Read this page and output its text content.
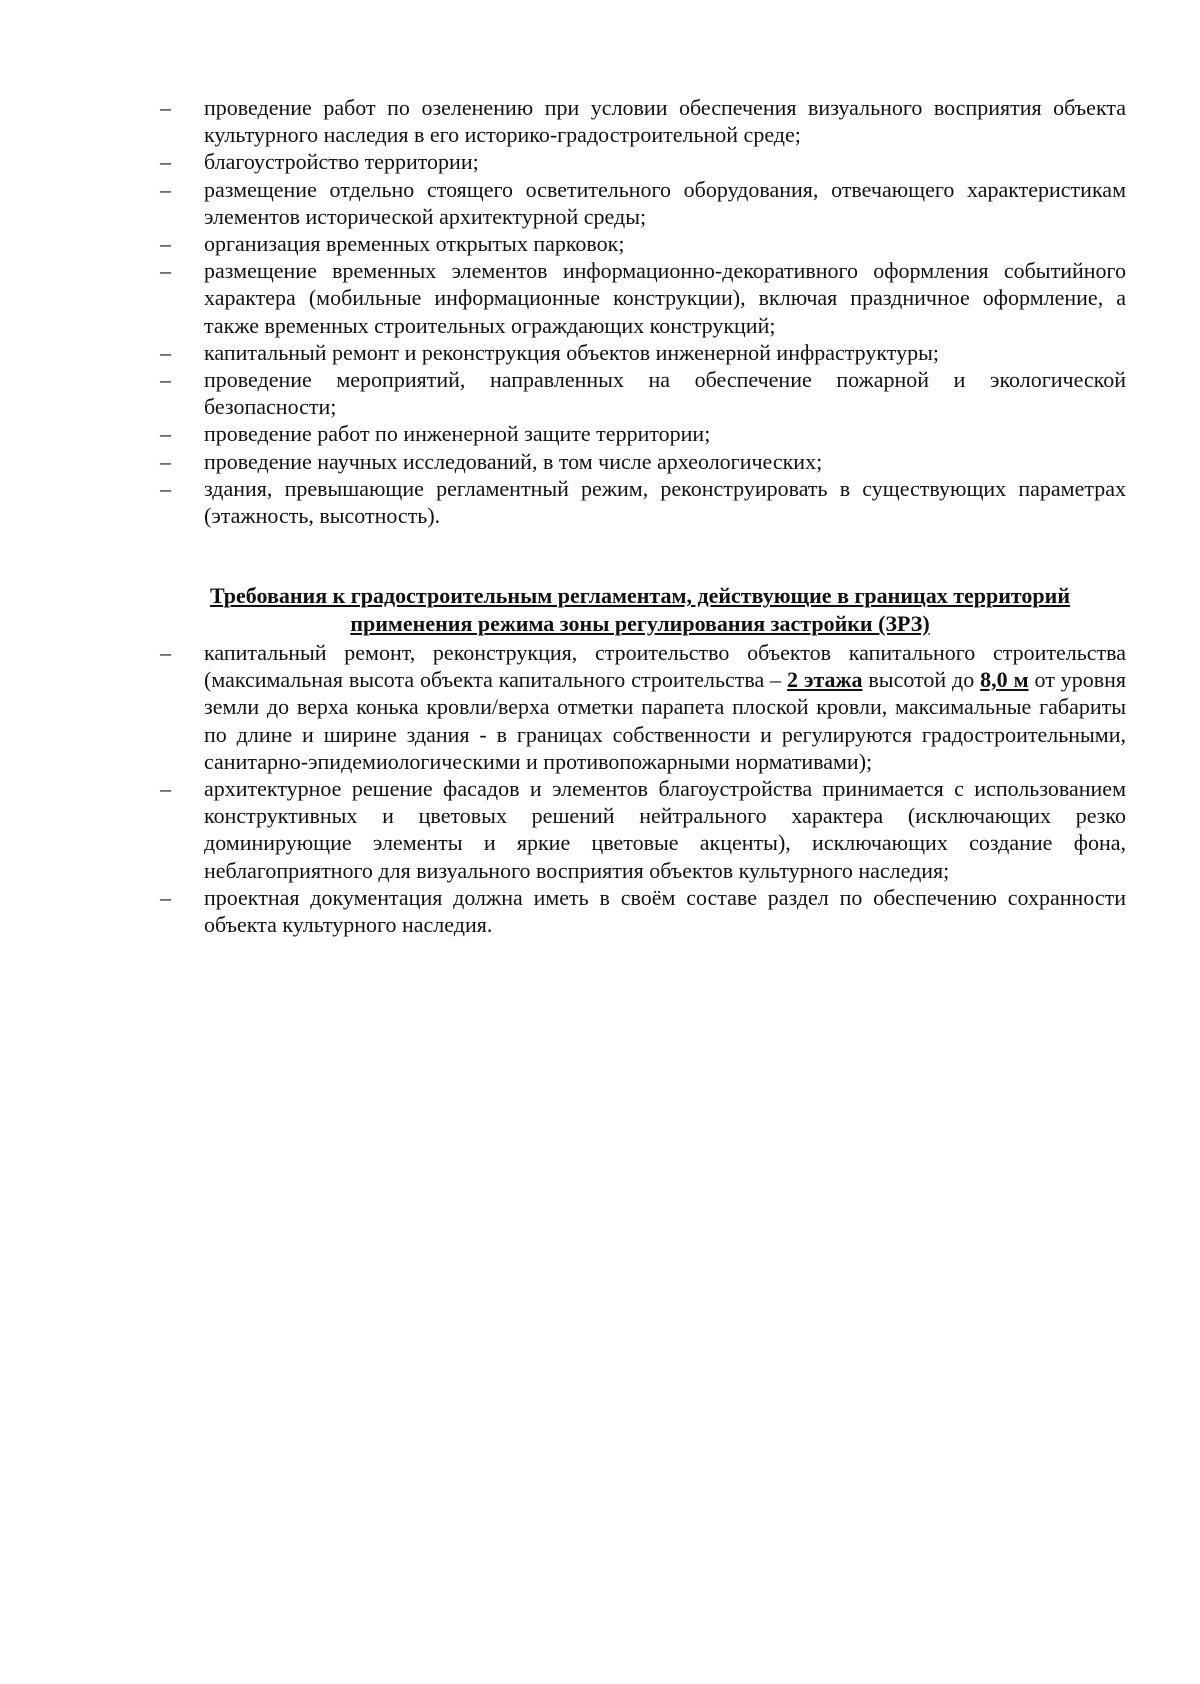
–	проведение работ по озеленению при условии обеспечения визуального восприятия объекта культурного наследия в его историко-градостроительной среде;
–	благоустройство территории;
–	размещение отдельно стоящего осветительного оборудования, отвечающего характеристикам элементов исторической архитектурной среды;
–	организация временных открытых парковок;
–	размещение временных элементов информационно-декоративного оформления событийного характера (мобильные информационные конструкции), включая праздничное оформление, а также временных строительных ограждающих конструкций;
–	капитальный ремонт и реконструкция объектов инженерной инфраструктуры;
–	проведение мероприятий, направленных на обеспечение пожарной и экологической безопасности;
–	проведение работ по инженерной защите территории;
–	проведение научных исследований, в том числе археологических;
–	здания, превышающие регламентный режим, реконструировать в существующих параметрах (этажность, высотность).

Требования к градостроительным регламентам, действующие в границах территорий применения режима зоны регулирования застройки (ЗРЗ)

–	капитальный ремонт, реконструкция, строительство объектов капитального строительства (максимальная высота объекта капитального строительства – 2 этажа высотой до 8,0 м от уровня земли до верха конька кровли/верха отметки парапета плоской кровли, максимальные габариты по длине и ширине здания - в границах собственности и регулируются градостроительными, санитарно-эпидемиологическими и противопожарными нормативами);
–	архитектурное решение фасадов и элементов благоустройства принимается с использованием конструктивных и цветовых решений нейтрального характера (исключающих резко доминирующие элементы и яркие цветовые акценты), исключающих создание фона, неблагоприятного для визуального восприятия объектов культурного наследия;
–	проектная документация должна иметь в своём составе раздел по обеспечению сохранности объекта культурного наследия.
